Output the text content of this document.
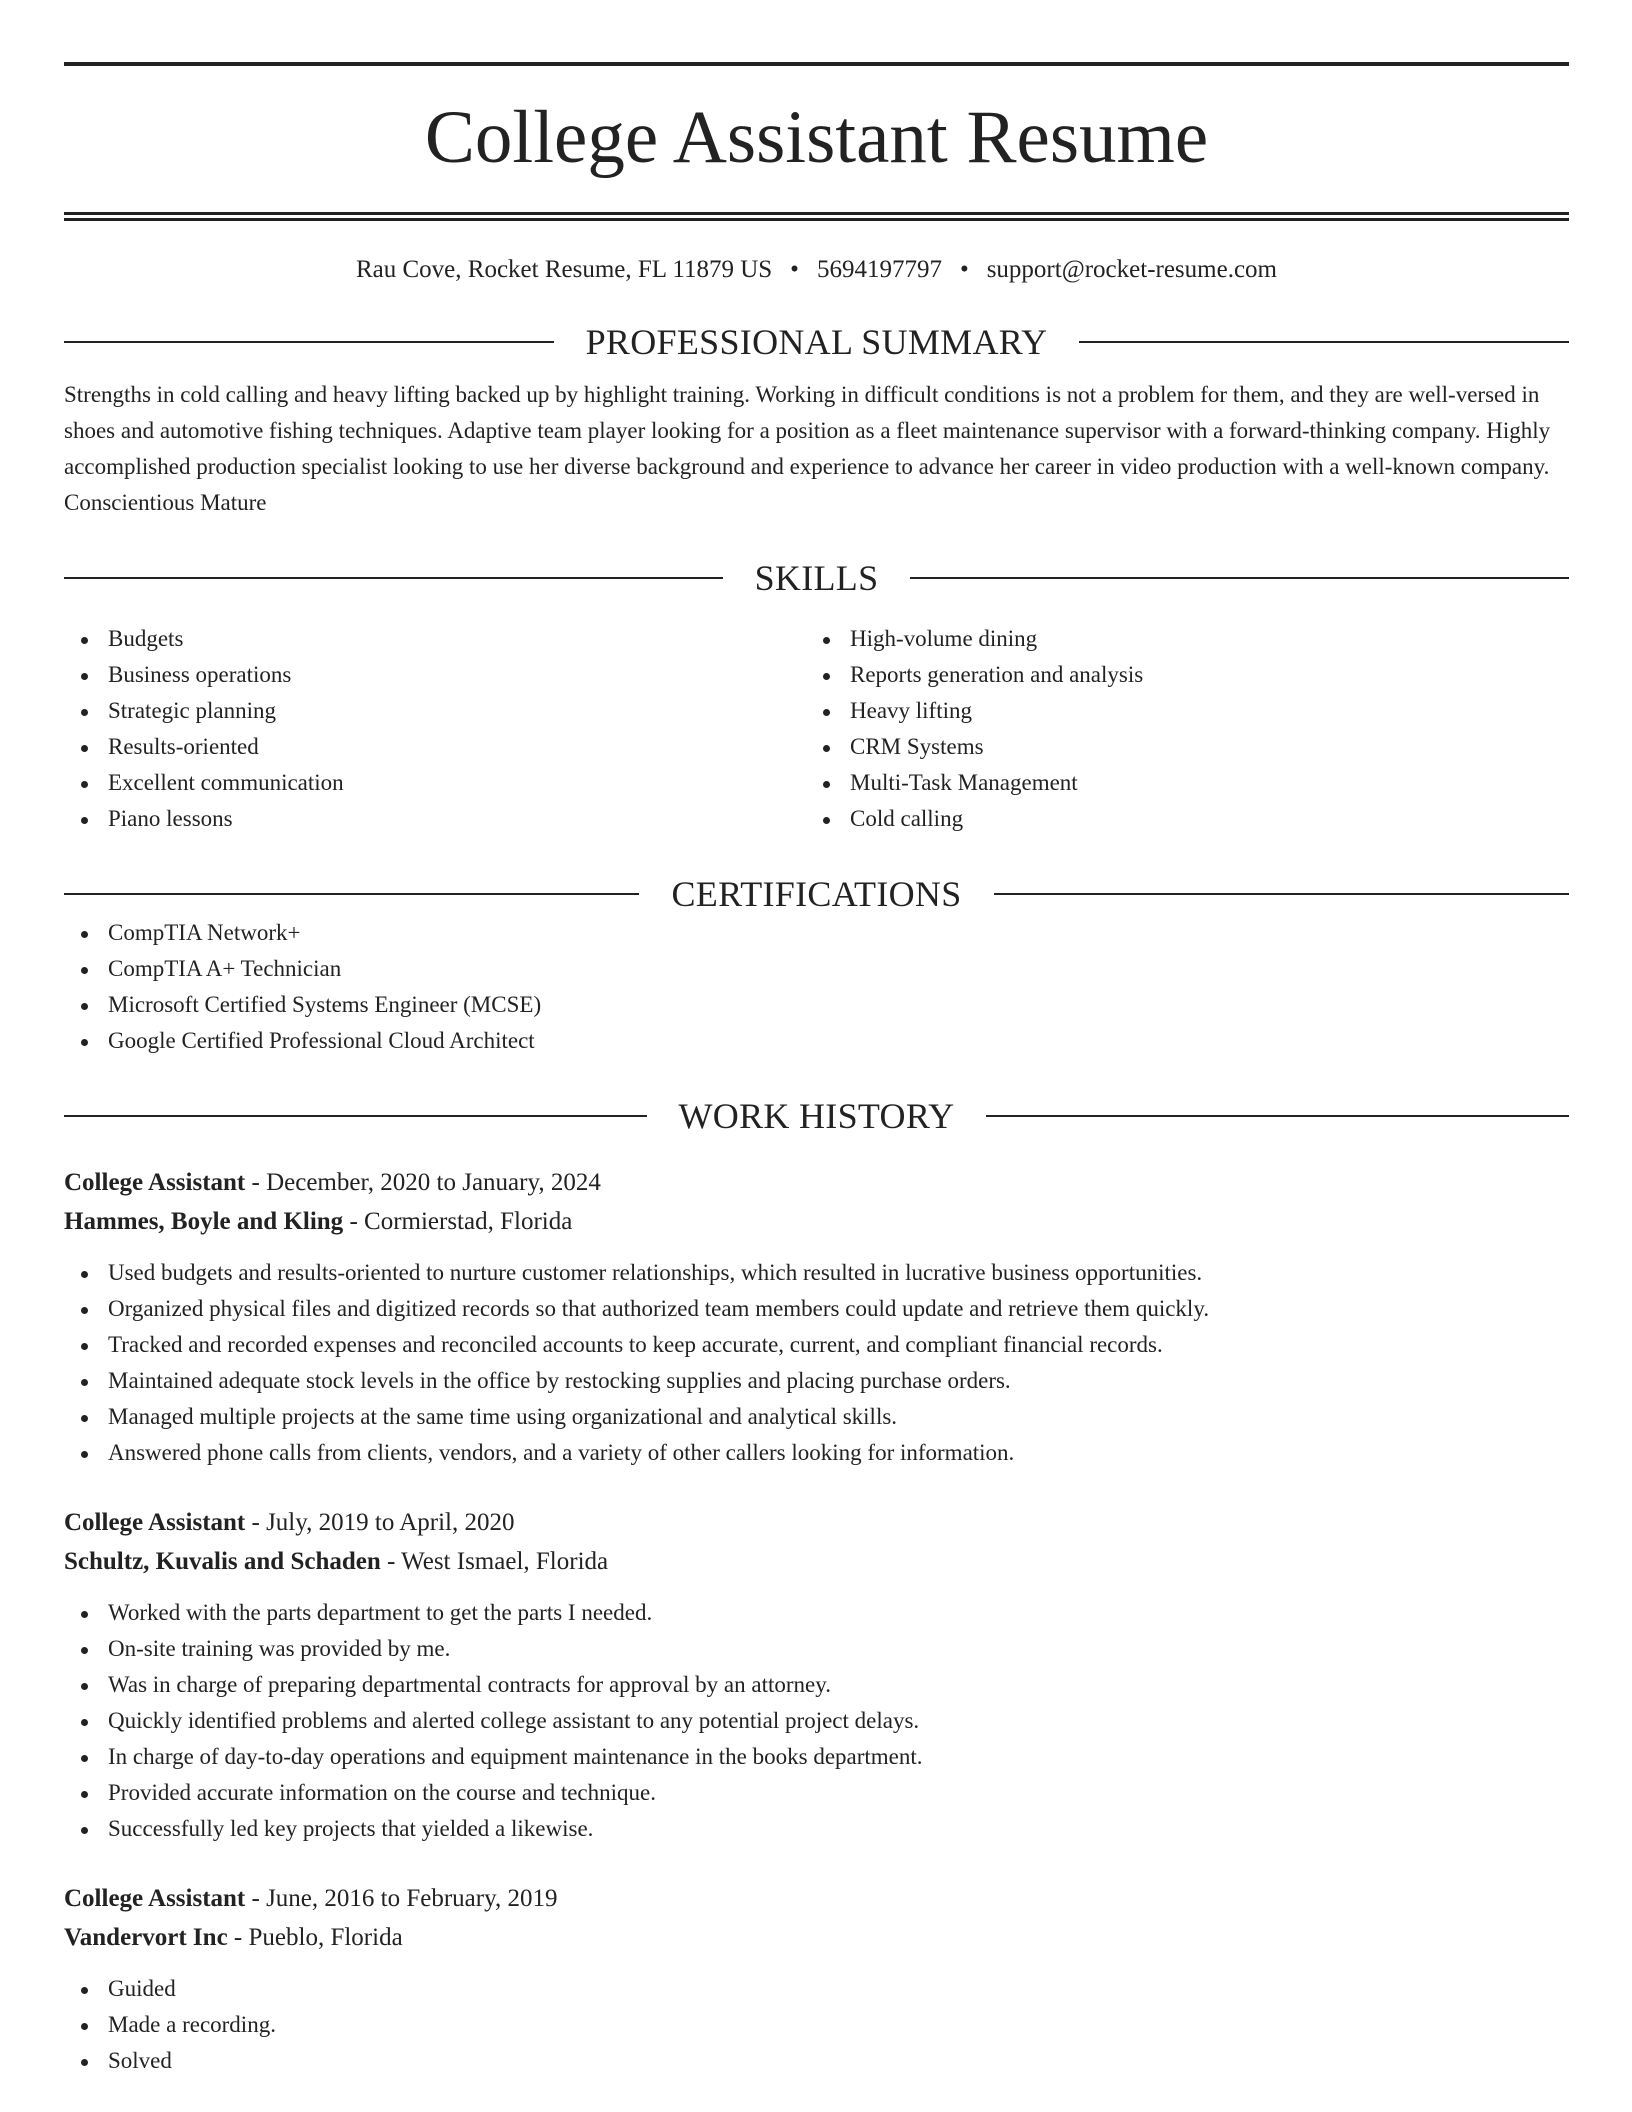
College Assistant Resume
Rau Cove, Rocket Resume, FL 11879 US • 5694197797 • support@rocket-resume.com
PROFESSIONAL SUMMARY
Strengths in cold calling and heavy lifting backed up by highlight training. Working in difficult conditions is not a problem for them, and they are well-versed in shoes and automotive fishing techniques. Adaptive team player looking for a position as a fleet maintenance supervisor with a forward-thinking company. Highly accomplished production specialist looking to use her diverse background and experience to advance her career in video production with a well-known company. Conscientious Mature
SKILLS
Budgets
Business operations
Strategic planning
Results-oriented
Excellent communication
Piano lessons
High-volume dining
Reports generation and analysis
Heavy lifting
CRM Systems
Multi-Task Management
Cold calling
CERTIFICATIONS
CompTIA Network+
CompTIA A+ Technician
Microsoft Certified Systems Engineer (MCSE)
Google Certified Professional Cloud Architect
WORK HISTORY
College Assistant - December, 2020 to January, 2024
Hammes, Boyle and Kling - Cormierstad, Florida
Used budgets and results-oriented to nurture customer relationships, which resulted in lucrative business opportunities.
Organized physical files and digitized records so that authorized team members could update and retrieve them quickly.
Tracked and recorded expenses and reconciled accounts to keep accurate, current, and compliant financial records.
Maintained adequate stock levels in the office by restocking supplies and placing purchase orders.
Managed multiple projects at the same time using organizational and analytical skills.
Answered phone calls from clients, vendors, and a variety of other callers looking for information.
College Assistant - July, 2019 to April, 2020
Schultz, Kuvalis and Schaden - West Ismael, Florida
Worked with the parts department to get the parts I needed.
On-site training was provided by me.
Was in charge of preparing departmental contracts for approval by an attorney.
Quickly identified problems and alerted college assistant to any potential project delays.
In charge of day-to-day operations and equipment maintenance in the books department.
Provided accurate information on the course and technique.
Successfully led key projects that yielded a likewise.
College Assistant - June, 2016 to February, 2019
Vandervort Inc - Pueblo, Florida
Guided
Made a recording.
Solved
